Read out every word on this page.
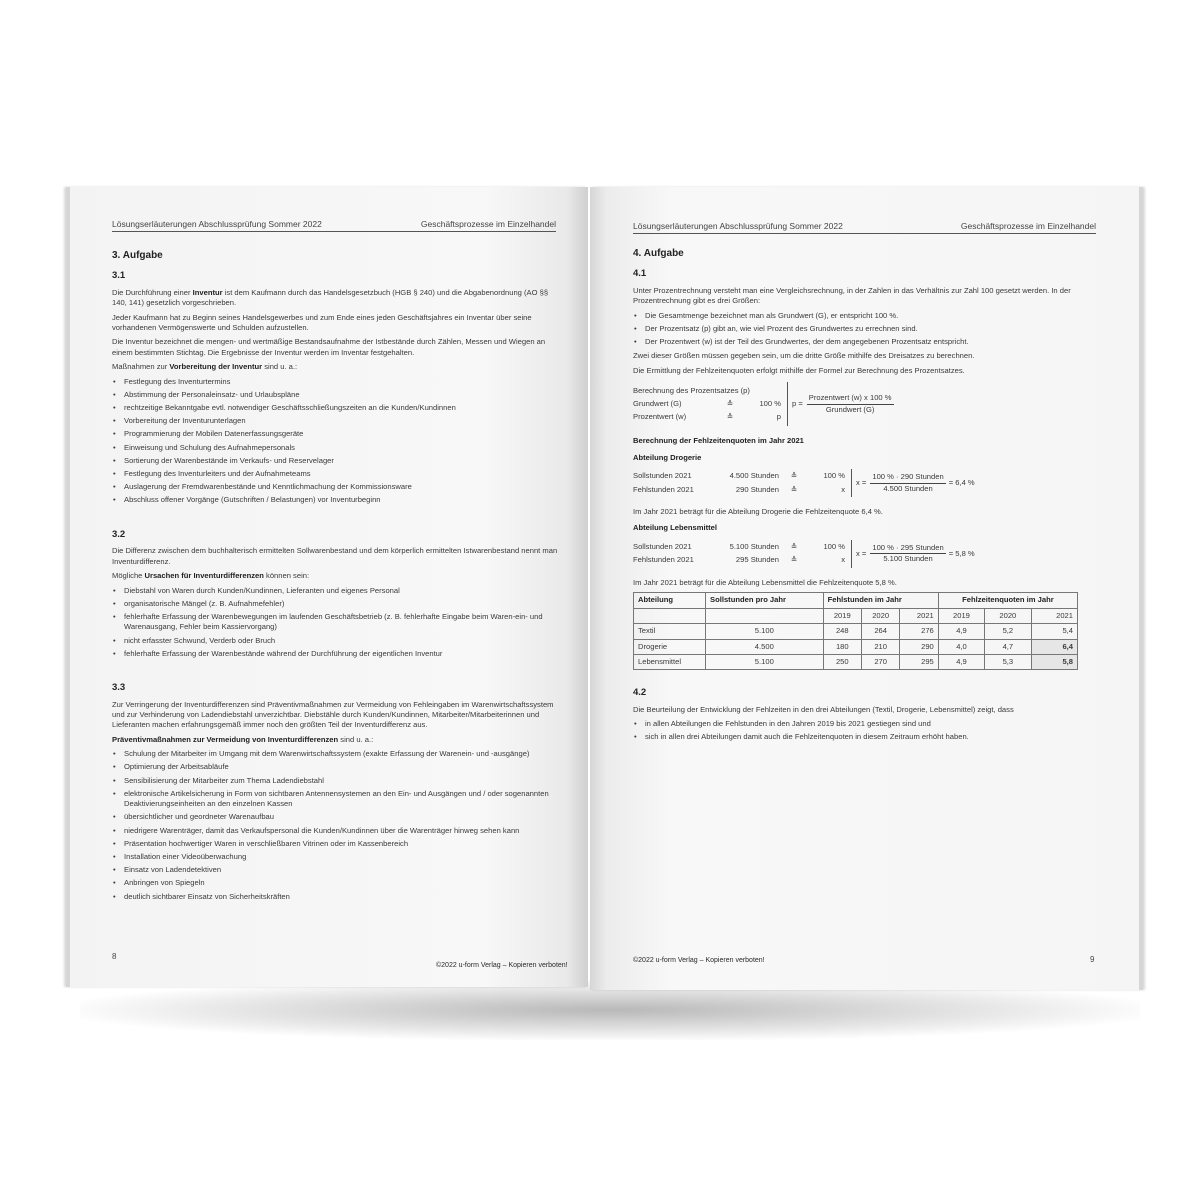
Lösungserläuterungen Abschlussprüfung Sommer 2022	Geschäftsprozesse im Einzelhandel
3. Aufgabe
3.1

Die Durchführung einer Inventur ist dem Kaufmann durch das Handelsgesetzbuch (HGB § 240) und die Abgabenordnung (AO §§ 140, 141) gesetzlich vorgeschrieben.

Jeder Kaufmann hat zu Beginn seines Handelsgewerbes und zum Ende eines jeden Geschäftsjahres ein Inventar über seine vorhandenen Vermögenswerte und Schulden aufzustellen.

Die Inventur bezeichnet die mengen- und wertmäßige Bestandsaufnahme der Istbestände durch Zählen, Messen und Wiegen an einem bestimmten Stichtag. Die Ergebnisse der Inventur werden im Inventar festgehalten.

Maßnahmen zur Vorbereitung der Inventur sind u. a.:

• Festlegung des Inventurtermins
• Abstimmung der Personaleinsatz- und Urlaubspläne
• rechtzeitige Bekanntgabe evtl. notwendiger Geschäftsschließungszeiten an die Kunden/Kundinnen
• Vorbereitung der Inventurunterlagen
• Programmierung der Mobilen Datenerfassungsgeräte
• Einweisung und Schulung des Aufnahmepersonals
• Sortierung der Warenbestände im Verkaufs- und Reservelager
• Festlegung des Inventurleiters und der Aufnahmeteams
• Auslagerung der Fremdwarenbestände und Kenntlichmachung der Kommissionsware
• Abschluss offener Vorgänge (Gutschriften / Belastungen) vor Inventurbeginn
3.2

Die Differenz zwischen dem buchhalterisch ermittelten Sollwarenbestand und dem körperlich ermittelten Istwarenbestand nennt man Inventurdifferenz.

Mögliche Ursachen für Inventurdifferenzen können sein:

• Diebstahl von Waren durch Kunden/Kundinnen, Lieferanten und eigenes Personal
• organisatorische Mängel (z. B. Aufnahmefehler)
• fehlerhafte Erfassung der Warenbewegungen im laufenden Geschäftsbetrieb (z. B. fehlerhafte Eingabe beim Waren-ein- und Warenausgang, Fehler beim Kassiervorgang)
• nicht erfasster Schwund, Verderb oder Bruch
• fehlerhafte Erfassung der Warenbestände während der Durchführung der eigentlichen Inventur
3.3

Zur Verringerung der Inventurdifferenzen sind Präventivmaßnahmen zur Vermeidung von Fehleingaben im Warenwirtschaftssystem und zur Verhinderung von Ladendiebstahl unverzichtbar. Diebstähle durch Kunden/Kundinnen, Mitarbeiter/Mitarbeiterinnen und Lieferanten machen erfahrungsgemäß immer noch den größten Teil der Inventurdifferenz aus.

Präventivmaßnahmen zur Vermeidung von Inventurdifferenzen sind u. a.:

• Schulung der Mitarbeiter im Umgang mit dem Warenwirtschaftssystem (exakte Erfassung der Warenein- und -ausgänge)
• Optimierung der Arbeitsabläufe
• Sensibilisierung der Mitarbeiter zum Thema Ladendiebstahl
• elektronische Artikelsicherung in Form von sichtbaren Antennensystemen an den Ein- und Ausgängen und / oder sogenannten Deaktivierungseinheiten an den einzelnen Kassen
• übersichtlicher und geordneter Warenaufbau
• niedrigere Warenträger, damit das Verkaufspersonal die Kunden/Kundinnen über die Warenträger hinweg sehen kann
• Präsentation hochwertiger Waren in verschließbaren Vitrinen oder im Kassenbereich
• Installation einer Videoüberwachung
• Einsatz von Ladendetektiven
• Anbringen von Spiegeln
• deutlich sichtbarer Einsatz von Sicherheitskräften
8
©2022 u-form Verlag – Kopieren verboten!
Lösungserläuterungen Abschlussprüfung Sommer 2022	Geschäftsprozesse im Einzelhandel
4. Aufgabe
4.1

Unter Prozentrechnung versteht man eine Vergleichsrechnung, in der Zahlen in das Verhältnis zur Zahl 100 gesetzt werden. In der Prozentrechnung gibt es drei Größen:

• Die Gesamtmenge bezeichnet man als Grundwert (G), er entspricht 100 %.
• Der Prozentsatz (p) gibt an, wie viel Prozent des Grundwertes zu errechnen sind.
• Der Prozentwert (w) ist der Teil des Grundwertes, der dem angegebenen Prozentsatz entspricht.

Zwei dieser Größen müssen gegeben sein, um die dritte Größe mithilfe des Dreisatzes zu berechnen.

Die Ermittlung der Fehlzeitenquoten erfolgt mithilfe der Formel zur Berechnung des Prozentsatzes.

Berechnung des Prozentsatzes (p)
Grundwert (G)	≙	100 %
Prozentwert (w)	≙	p
$p = \frac{\text{Prozentwert (w) x 100 \%}}{\text{Grundwert (G)}}$

Berechnung der Fehlzeitenquoten im Jahr 2021

Abteilung Drogerie

Sollstunden 2021	4.500 Stunden	≙	100 %
Fehlstunden 2021	290 Stunden	≙	x
$x = \frac{\text{100 \% · 290 Stunden}}{\text{4.500 Stunden}} = 6,4$ %

Im Jahr 2021 beträgt für die Abteilung Drogerie die Fehlzeitenquote 6,4 %.

Abteilung Lebensmittel

Sollstunden 2021	5.100 Stunden	≙	100 %
Fehlstunden 2021	295 Stunden	≙	x
$x = \frac{\text{100 \% · 295 Stunden}}{\text{5.100 Stunden}} = 5,8$ %

Im Jahr 2021 beträgt für die Abteilung Lebensmittel die Fehlzeitenquote 5,8 %.

Abteilung	Sollstunden pro Jahr	Fehlstunden im Jahr			Fehlzeitenquoten im Jahr		
		2019	2020	2021	2019	2020	2021
Textil	5.100	248	264	276	4,9	5,2	5,4
Drogerie	4.500	180	210	290	4,0	4,7	6,4
Lebensmittel	5.100	250	270	295	4,9	5,3	5,8
4.2

Die Beurteilung der Entwicklung der Fehlzeiten in den drei Abteilungen (Textil, Drogerie, Lebensmittel) zeigt, dass

• in allen Abteilungen die Fehlstunden in den Jahren 2019 bis 2021 gestiegen sind und
• sich in allen drei Abteilungen damit auch die Fehlzeitenquoten in diesem Zeitraum erhöht haben.
©2022 u-form Verlag – Kopieren verboten!	9
